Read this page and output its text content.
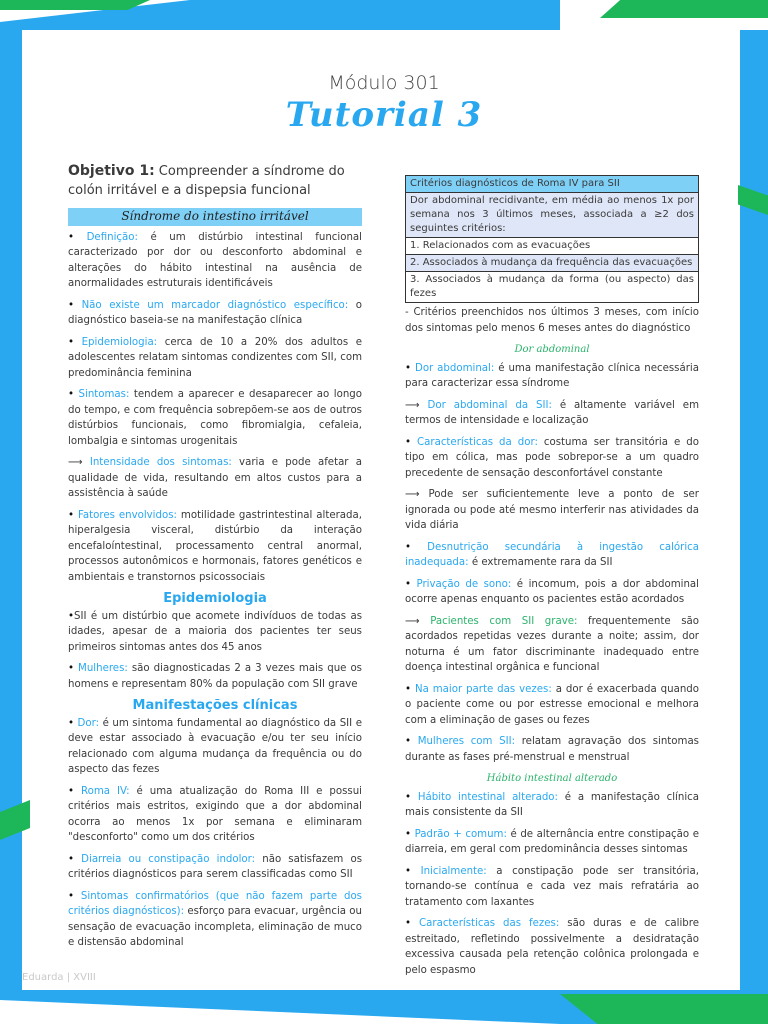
Módulo 301
Tutorial 3
Objetivo 1: Compreender a síndrome do colón irritável e a dispepsia funcional
Síndrome do intestino irritável

• Definição: é um distúrbio intestinal funcional caracterizado por dor ou desconforto abdominal e alterações do hábito intestinal na ausência de anormalidades estruturais identificáveis

• Não existe um marcador diagnóstico específico: o diagnóstico baseia-se na manifestação clínica

• Epidemiologia: cerca de 10 a 20% dos adultos e adolescentes relatam sintomas condizentes com SII, com predominância feminina

• Sintomas: tendem a aparecer e desaparecer ao longo do tempo, e com frequência sobrepõem-se aos de outros distúrbios funcionais, como fibromialgia, cefaleia, lombalgia e sintomas urogenitais

⟶ Intensidade dos sintomas: varia e pode afetar a qualidade de vida, resultando em altos custos para a assistência à saúde

• Fatores envolvidos: motilidade gastrintestinal alterada, hiperalgesia visceral, distúrbio da interação encefaloíntestinal, processamento central anormal, processos autonômicos e hormonais, fatores genéticos e ambientais e transtornos psicossociais

Epidemiologia

•SII é um distúrbio que acomete indivíduos de todas as idades, apesar de a maioria dos pacientes ter seus primeiros sintomas antes dos 45 anos

• Mulheres: são diagnosticadas 2 a 3 vezes mais que os homens e representam 80% da população com SII grave

Manifestações clínicas

• Dor: é um sintoma fundamental ao diagnóstico da SII e deve estar associado à evacuação e/ou ter seu início relacionado com alguma mudança da frequência ou do aspecto das fezes

• Roma IV: é uma atualização do Roma III e possui critérios mais estritos, exigindo que a dor abdominal ocorra ao menos 1x por semana e eliminaram "desconforto" como um dos critérios

• Diarreia ou constipação indolor: não satisfazem os critérios diagnósticos para serem classificadas como SII

• Sintomas confirmatórios (que não fazem parte dos critérios diagnósticos): esforço para evacuar, urgência ou sensação de evacuação incompleta, eliminação de muco e distensão abdominal

Critérios diagnósticos de Roma IV para SII
Dor abdominal recidivante, em média ao menos 1x por semana nos 3 últimos meses, associada a ≥2 dos seguintes critérios:
1. Relacionados com as evacuações
2. Associados à mudança da frequência das evacuações
3. Associados à mudança da forma (ou aspecto) das fezes

- Critérios preenchidos nos últimos 3 meses, com início dos sintomas pelo menos 6 meses antes do diagnóstico

Dor abdominal

• Dor abdominal: é uma manifestação clínica necessária para caracterizar essa síndrome

⟶ Dor abdominal da SII: é altamente variável em termos de intensidade e localização

• Características da dor: costuma ser transitória e do tipo em cólica, mas pode sobrepor-se a um quadro precedente de sensação desconfortável constante

⟶ Pode ser suficientemente leve a ponto de ser ignorada ou pode até mesmo interferir nas atividades da vida diária

• Desnutrição secundária à ingestão calórica inadequada: é extremamente rara da SII

• Privação de sono: é incomum, pois a dor abdominal ocorre apenas enquanto os pacientes estão acordados

⟶ Pacientes com SII grave: frequentemente são acordados repetidas vezes durante a noite; assim, dor noturna é um fator discriminante inadequado entre doença intestinal orgânica e funcional

• Na maior parte das vezes: a dor é exacerbada quando o paciente come ou por estresse emocional e melhora com a eliminação de gases ou fezes

• Mulheres com SII: relatam agravação dos sintomas durante as fases pré-menstrual e menstrual

Hábito intestinal alterado

• Hábito intestinal alterado: é a manifestação clínica mais consistente da SII

• Padrão + comum: é de alternância entre constipação e diarreia, em geral com predominância desses sintomas

• Inicialmente: a constipação pode ser transitória, tornando-se contínua e cada vez mais refratária ao tratamento com laxantes

• Características das fezes: são duras e de calibre estreitado, refletindo possivelmente a desidratação excessiva causada pela retenção colônica prolongada e pelo espasmo

Eduarda | XVIII
